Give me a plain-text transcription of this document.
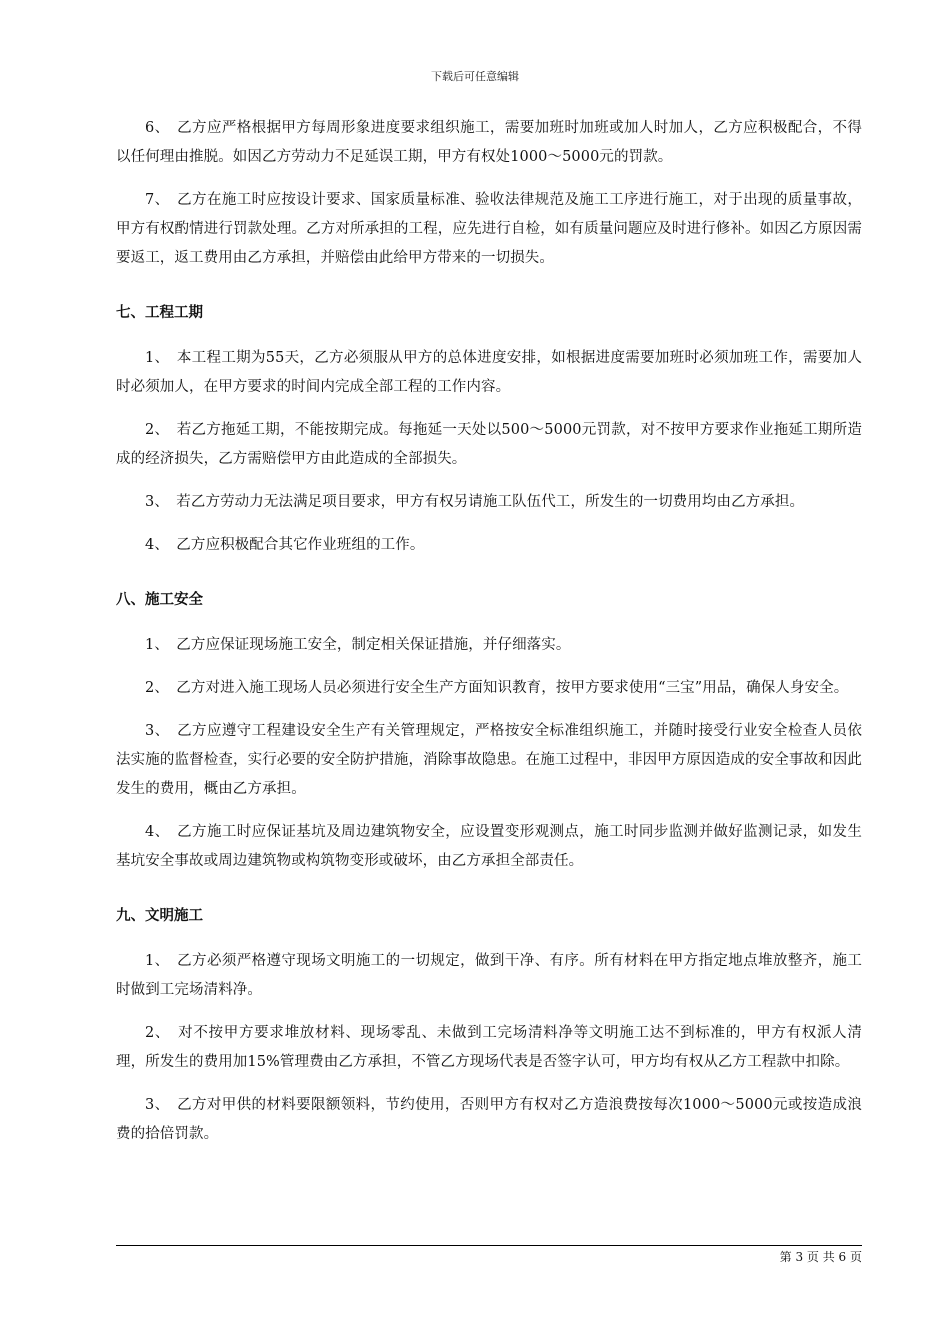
下载后可任意编辑

6、　乙方应严格根据甲方每周形象进度要求组织施工，需要加班时加班或加人时加人，乙方应积极配合，不得以任何理由推脱。如因乙方劳动力不足延误工期，甲方有权处1000～5000元的罚款。

7、　乙方在施工时应按设计要求、国家质量标准、验收法律规范及施工工序进行施工，对于出现的质量事故，甲方有权酌情进行罚款处理。乙方对所承担的工程，应先进行自检，如有质量问题应及时进行修补。如因乙方原因需要返工，返工费用由乙方承担，并赔偿由此给甲方带来的一切损失。

七、工程工期

1、　本工程工期为55天，乙方必须服从甲方的总体进度安排，如根据进度需要加班时必须加班工作，需要加人时必须加人，在甲方要求的时间内完成全部工程的工作内容。

2、　若乙方拖延工期，不能按期完成。每拖延一天处以500～5000元罚款，对不按甲方要求作业拖延工期所造成的经济损失，乙方需赔偿甲方由此造成的全部损失。

3、　若乙方劳动力无法满足项目要求，甲方有权另请施工队伍代工，所发生的一切费用均由乙方承担。

4、　乙方应积极配合其它作业班组的工作。

八、施工安全

1、　乙方应保证现场施工安全，制定相关保证措施，并仔细落实。

2、　乙方对进入施工现场人员必须进行安全生产方面知识教育，按甲方要求使用“三宝”用品，确保人身安全。

3、　乙方应遵守工程建设安全生产有关管理规定，严格按安全标准组织施工，并随时接受行业安全检查人员依法实施的监督检查，实行必要的安全防护措施，消除事故隐患。在施工过程中，非因甲方原因造成的安全事故和因此发生的费用，概由乙方承担。

4、　乙方施工时应保证基坑及周边建筑物安全，应设置变形观测点，施工时同步监测并做好监测记录，如发生基坑安全事故或周边建筑物或构筑物变形或破坏，由乙方承担全部责任。

九、文明施工

1、　乙方必须严格遵守现场文明施工的一切规定，做到干净、有序。所有材料在甲方指定地点堆放整齐，施工时做到工完场清料净。

2、　对不按甲方要求堆放材料、现场零乱、未做到工完场清料净等文明施工达不到标准的，甲方有权派人清理，所发生的费用加15%管理费由乙方承担，不管乙方现场代表是否签字认可，甲方均有权从乙方工程款中扣除。

3、　乙方对甲供的材料要限额领料，节约使用，否则甲方有权对乙方造浪费按每次1000～5000元或按造成浪费的拾倍罚款。

第 3 页 共 6 页
